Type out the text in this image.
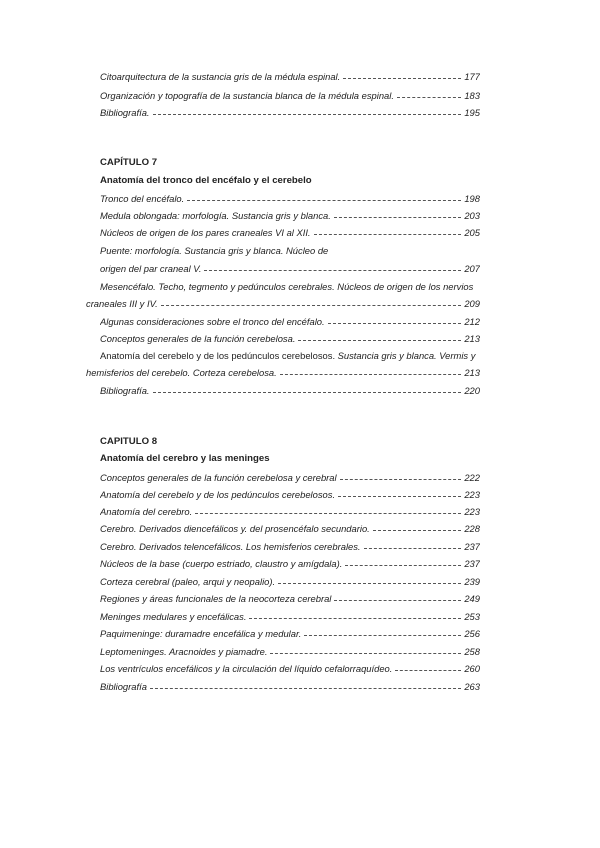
Citoarquitectura de la sustancia gris de la médula espinal.	177
Organización y topografía de la sustancia blanca de la médula espinal.	183
Bibliografía.	195
CAPÍTULO 7
Anatomía del tronco del encéfalo y el cerebelo
Tronco del encéfalo.	198
Medula oblongada: morfología. Sustancia gris y blanca.	203
Núcleos de origen de los pares craneales VI al XII.	205
Puente: morfología. Sustancia gris y blanca. Núcleo de
origen del par craneal V.	207
Mesencéfalo. Techo, tegmento y pedúnculos cerebrales. Núcleos de origen de los nervios
craneales III y IV.	209
Algunas consideraciones sobre el tronco del encéfalo.	212
Conceptos generales de la función cerebelosa.	213
Anatomía del cerebelo y de los pedúnculos cerebelosos. Sustancia gris y blanca. Vermis y
hemisferios del cerebelo. Corteza cerebelosa.	213
Bibliografía.	220
CAPITULO 8
Anatomía del cerebro y las meninges
Conceptos generales de la función cerebelosa y cerebral	222
Anatomía del cerebelo y de los pedúnculos cerebelosos.	223
Anatomía del cerebro.	223
Cerebro. Derivados diencefálicos y. del prosencéfalo secundario.	228
Cerebro. Derivados telencefálicos. Los hemisferios cerebrales.	237
Núcleos de la base (cuerpo estriado, claustro y amígdala).	237
Corteza cerebral (paleo, arqui y neopalio).	239
Regiones y áreas funcionales de la neocorteza cerebral	249
Meninges medulares y encefálicas.	253
Paquimeninge: duramadre encefálica y medular.	256
Leptomeninges. Aracnoides y piamadre.	258
Los ventrículos encefálicos y la circulación del líquido cefalorraquídeo.	260
Bibliografía	263
